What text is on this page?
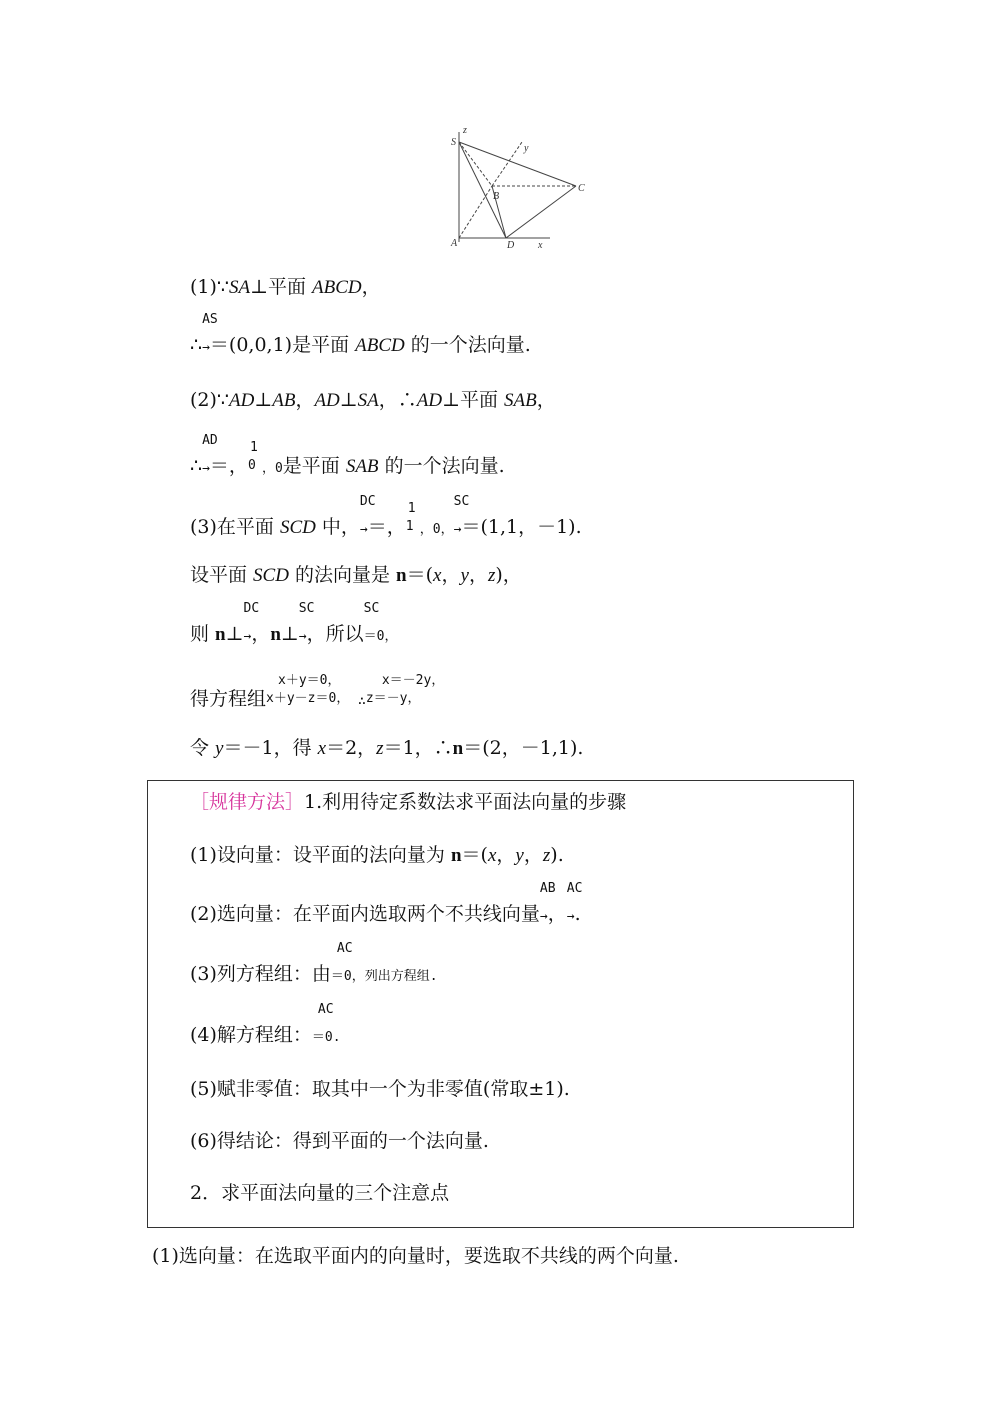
S
z
y
B
C
A	D x
(1)∵SA⊥平面 ABCD，
∴
AS
→＝(0,0,1)是平面 ABCD 的一个法向量.
(2)∵AD⊥AB，AD⊥SA，∴AD⊥平面 SAB，
∴
AD
→＝，
1
0 ，0是平面 SAB 的一个法向量.
(3)在平面 SCD 中，
DC
→＝，
1
1 ，0，
SC
→＝(1,1，－1).
设平面 SCD 的法向量是 n＝(x，y，z)，
则 n⊥
DC
→，n⊥
SC
→，所以
SC
＝0，
得方程组
x＋y＝0，
x＋y－z＝0， ∴
x＝－2y，
z＝－y，
令 y＝－1，得 x＝2，z＝1，∴n＝(2，－1,1).
［规律方法］1.利用待定系数法求平面法向量的步骤
(1)设向量：设平面的法向量为 n＝(x，y，z).
(2)选向量：在平面内选取两个不共线向量
AB
→，
AC
→.
(3)列方程组：由
AC
＝0，列出方程组.
(4)解方程组：
AC
＝0.
(5)赋非零值：取其中一个为非零值(常取±1).
(6)得结论：得到平面的一个法向量.
2．求平面法向量的三个注意点
(1)选向量：在选取平面内的向量时，要选取不共线的两个向量.
